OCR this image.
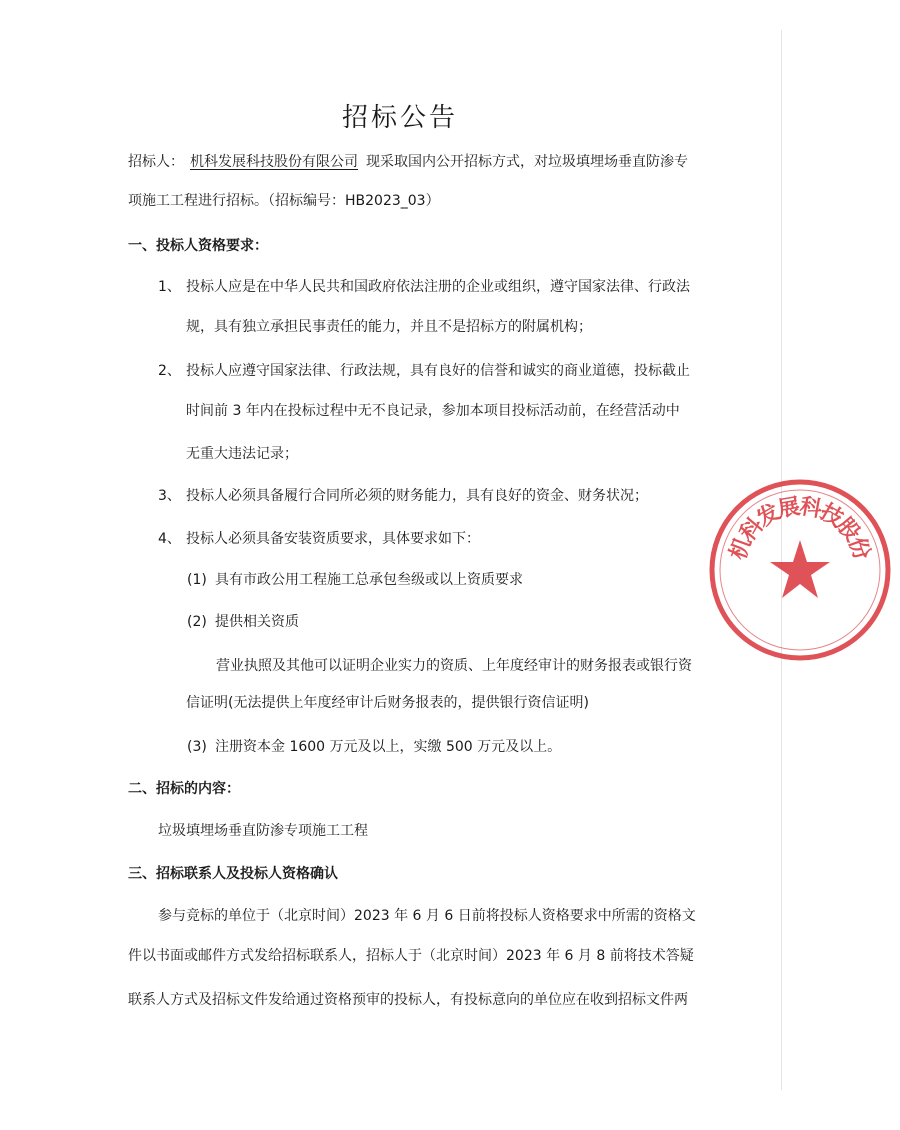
招标公告
招标人： 机科发展科技股份有限公司 现采取国内公开招标方式，对垃圾填埋场垂直防渗专
项施工工程进行招标。（招标编号：HB2023_03）
一、投标人资格要求：
1、 投标人应是在中华人民共和国政府依法注册的企业或组织，遵守国家法律、行政法
规，具有独立承担民事责任的能力，并且不是招标方的附属机构；
2、 投标人应遵守国家法律、行政法规，具有良好的信誉和诚实的商业道德，投标截止
时间前 3 年内在投标过程中无不良记录，参加本项目投标活动前，在经营活动中
无重大违法记录；
3、 投标人必须具备履行合同所必须的财务能力，具有良好的资金、财务状况；
4、 投标人必须具备安装资质要求，具体要求如下：
(1) 具有市政公用工程施工总承包叁级或以上资质要求
(2) 提供相关资质
营业执照及其他可以证明企业实力的资质、上年度经审计的财务报表或银行资
信证明(无法提供上年度经审计后财务报表的，提供银行资信证明)
(3) 注册资本金 1600 万元及以上，实缴 500 万元及以上。
二、招标的内容：
垃圾填埋场垂直防渗专项施工工程
三、招标联系人及投标人资格确认
参与竞标的单位于（北京时间）2023 年 6 月 6 日前将投标人资格要求中所需的资格文
件以书面或邮件方式发给招标联系人，招标人于（北京时间）2023 年 6 月 8 前将技术答疑
联系人方式及招标文件发给通过资格预审的投标人，有投标意向的单位应在收到招标文件两
机
科
发
展
科
技
股
份
